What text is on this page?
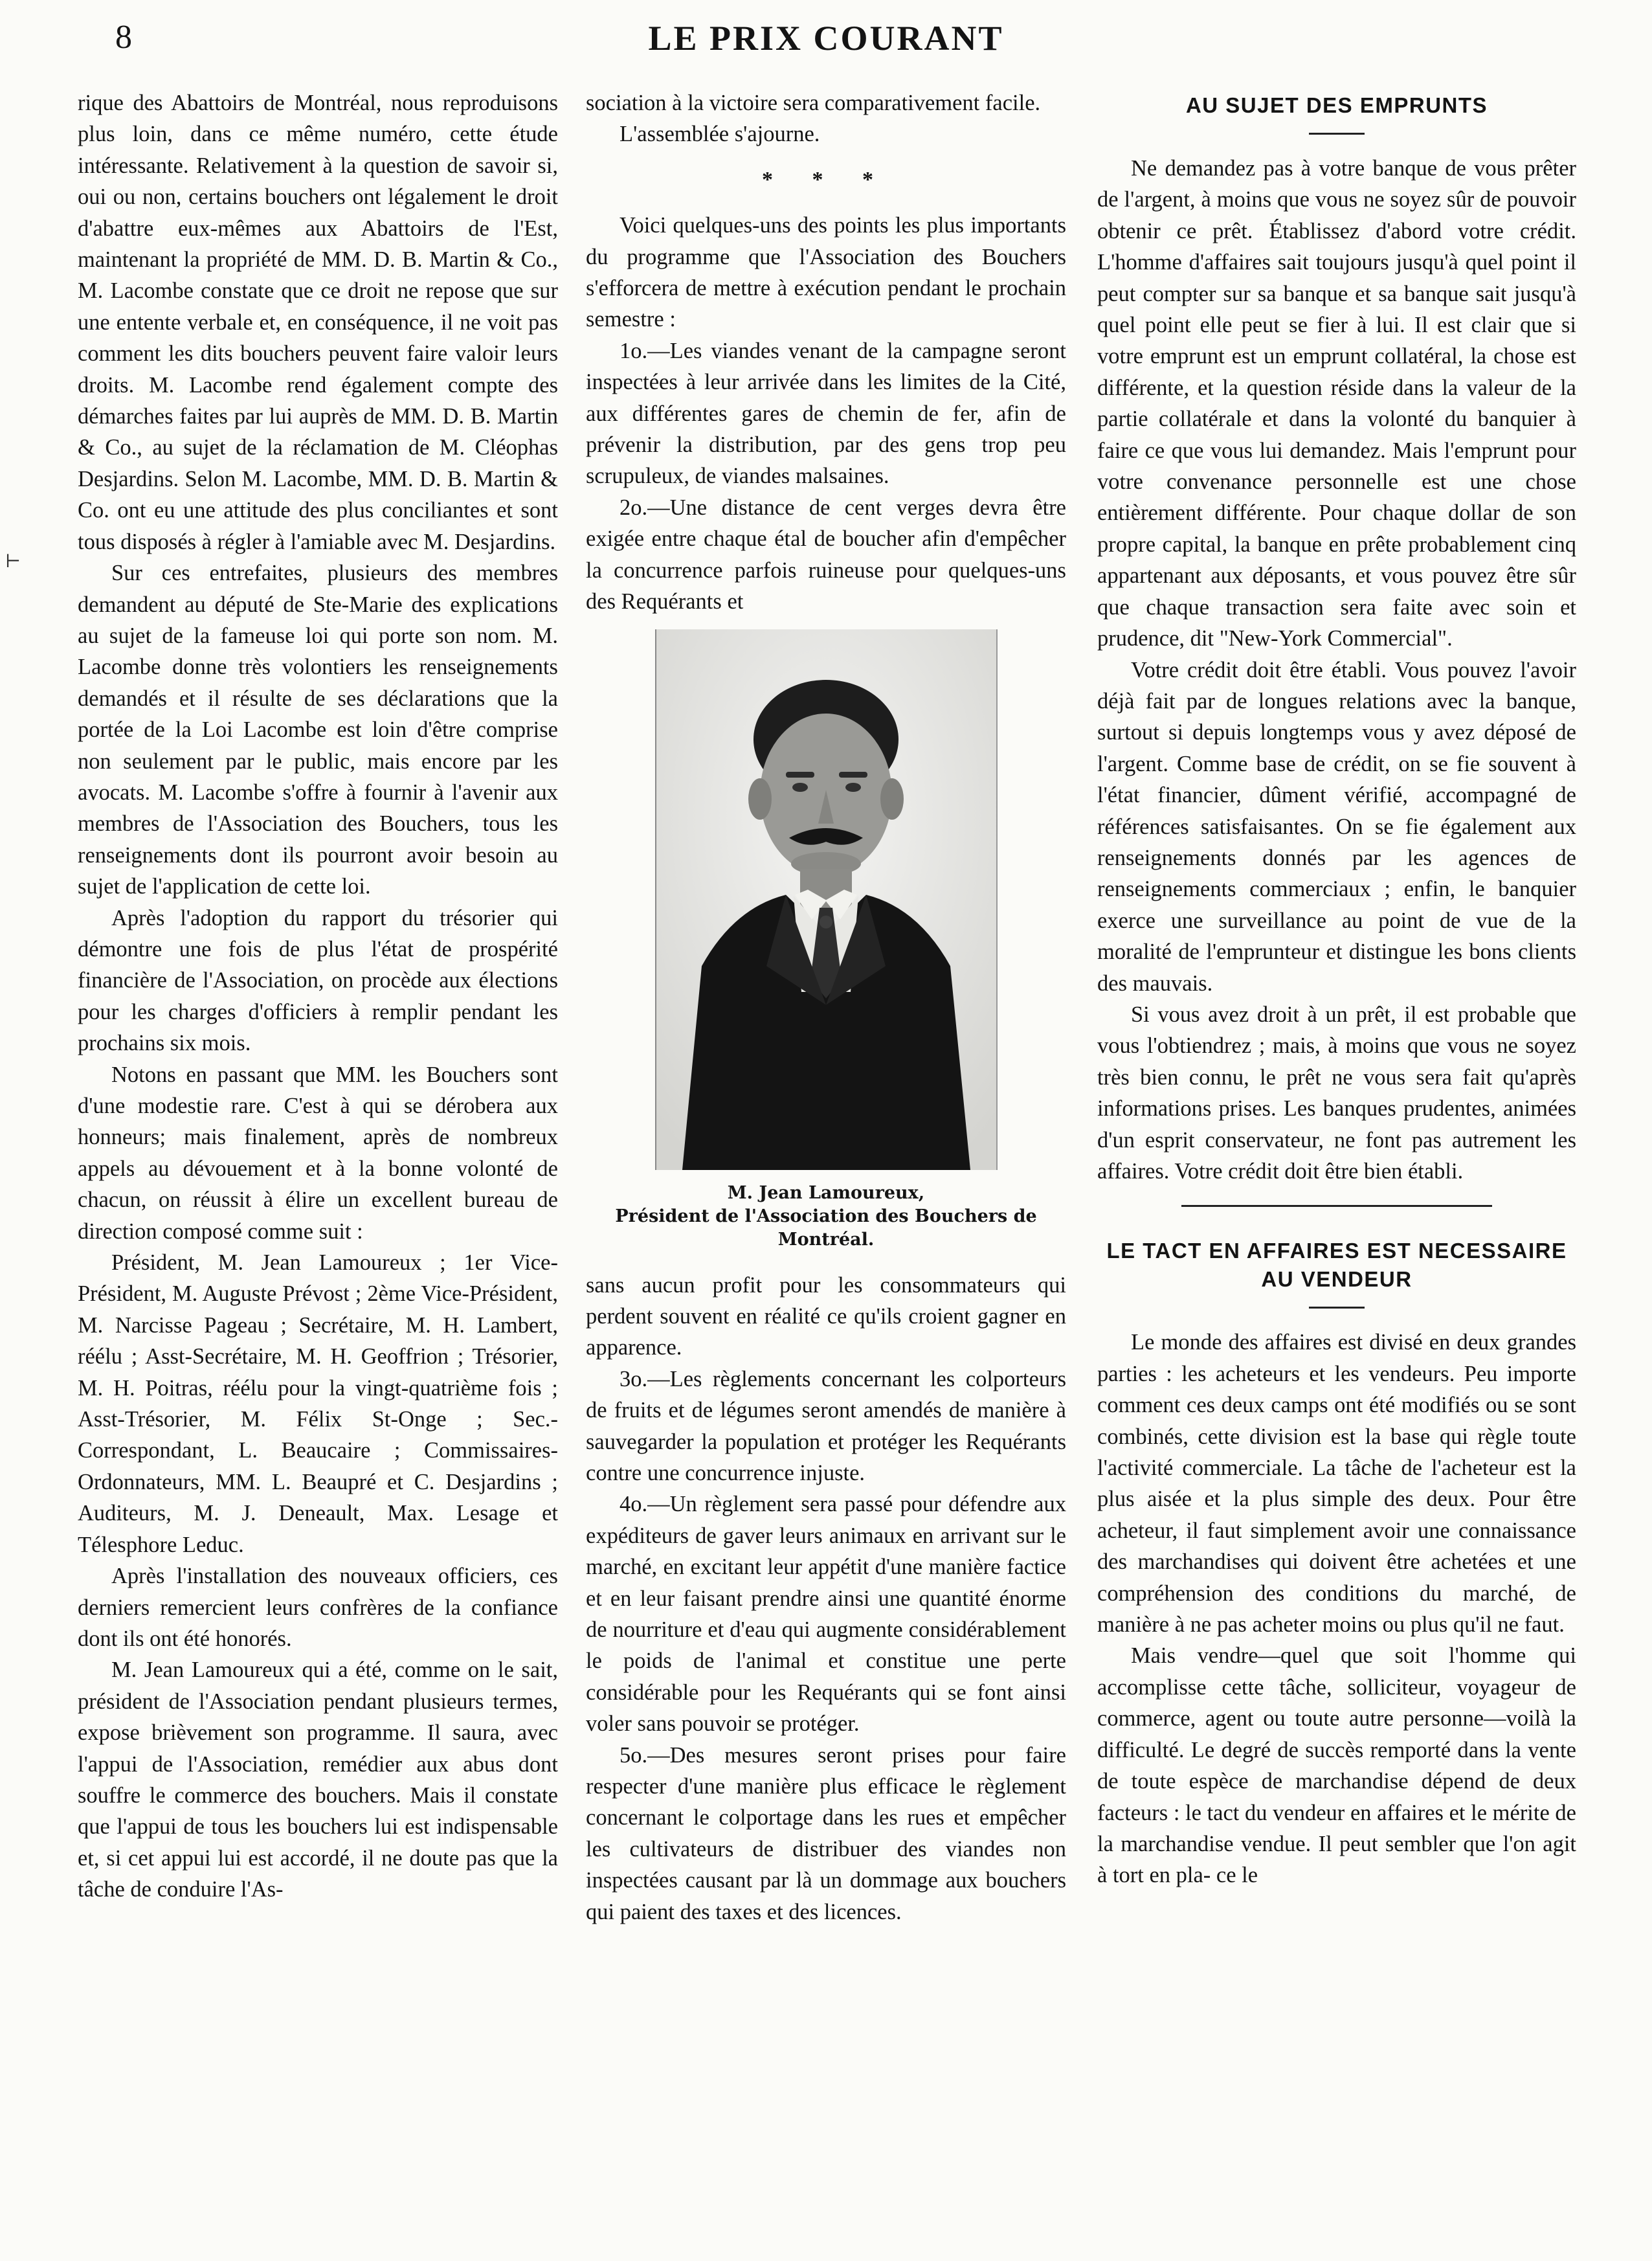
8	LE PRIX COURANT
⊢

rique des Abattoirs de Montréal, nous reproduisons plus loin, dans ce même numéro, cette étude intéressante. Relativement à la question de savoir si, oui ou non, certains bouchers ont légalement le droit d'abattre eux-mêmes aux Abattoirs de l'Est, maintenant la propriété de MM. D. B. Martin & Co., M. Lacombe constate que ce droit ne repose que sur une entente verbale et, en conséquence, il ne voit pas comment les dits bouchers peuvent faire valoir leurs droits. M. Lacombe rend également compte des démarches faites par lui auprès de MM. D. B. Martin & Co., au sujet de la réclamation de M. Cléophas Desjardins. Selon M. Lacombe, MM. D. B. Martin & Co. ont eu une attitude des plus conciliantes et sont tous disposés à régler à l'amiable avec M. Desjardins.

Sur ces entrefaites, plusieurs des membres demandent au député de Ste-Marie des explications au sujet de la fameuse loi qui porte son nom. M. Lacombe donne très volontiers les renseignements demandés et il résulte de ses déclarations que la portée de la Loi Lacombe est loin d'être comprise non seulement par le public, mais encore par les avocats. M. Lacombe s'offre à fournir à l'avenir aux membres de l'Association des Bouchers, tous les renseignements dont ils pourront avoir besoin au sujet de l'application de cette loi.

Après l'adoption du rapport du trésorier qui démontre une fois de plus l'état de prospérité financière de l'Association, on procède aux élections pour les charges d'officiers à remplir pendant les prochains six mois.

Notons en passant que MM. les Bouchers sont d'une modestie rare. C'est à qui se dérobera aux honneurs; mais finalement, après de nombreux appels au dévouement et à la bonne volonté de chacun, on réussit à élire un excellent bureau de direction composé comme suit :

Président, M. Jean Lamoureux ; 1er Vice-Président, M. Auguste Prévost ; 2ème Vice-Président, M. Narcisse Pageau ; Secrétaire, M. H. Lambert, réélu ; Asst-Secrétaire, M. H. Geoffrion ; Trésorier, M. H. Poitras, réélu pour la vingt-quatrième fois ; Asst-Trésorier, M. Félix St-Onge ; Sec.-Correspondant, L. Beaucaire ; Commissaires-Ordonnateurs, MM. L. Beaupré et C. Desjardins ; Auditeurs, M. J. Deneault, Max. Lesage et Télesphore Leduc.

Après l'installation des nouveaux officiers, ces derniers remercient leurs confrères de la confiance dont ils ont été honorés.

M. Jean Lamoureux qui a été, comme on le sait, président de l'Association pendant plusieurs termes, expose brièvement son programme. Il saura, avec l'appui de l'Association, remédier aux abus dont souffre le commerce des bouchers. Mais il constate que l'appui de tous les bouchers lui est indispensable et, si cet appui lui est accordé, il ne doute pas que la tâche de conduire l'As-

sociation à la victoire sera comparativement facile.

L'assemblée s'ajourne.

* * *

Voici quelques-uns des points les plus importants du programme que l'Association des Bouchers s'efforcera de mettre à exécution pendant le prochain semestre :

1o.—Les viandes venant de la campagne seront inspectées à leur arrivée dans les limites de la Cité, aux différentes gares de chemin de fer, afin de prévenir la distribution, par des gens trop peu scrupuleux, de viandes malsaines.

2o.—Une distance de cent verges devra être exigée entre chaque étal de boucher afin d'empêcher la concurrence parfois ruineuse pour quelques-uns des Requérants et

M. Jean Lamoureux,
Président de l'Association des Bouchers de Montréal.

sans aucun profit pour les consommateurs qui perdent souvent en réalité ce qu'ils croient gagner en apparence.

3o.—Les règlements concernant les colporteurs de fruits et de légumes seront amendés de manière à sauvegarder la population et protéger les Requérants contre une concurrence injuste.

4o.—Un règlement sera passé pour défendre aux expéditeurs de gaver leurs animaux en arrivant sur le marché, en excitant leur appétit d'une manière factice et en leur faisant prendre ainsi une quantité énorme de nourriture et d'eau qui augmente considérablement le poids de l'animal et constitue une perte considérable pour les Requérants qui se font ainsi voler sans pouvoir se protéger.

5o.—Des mesures seront prises pour faire respecter d'une manière plus efficace le règlement concernant le colportage dans les rues et empêcher les cultivateurs de distribuer des viandes non inspectées causant par là un dommage aux bouchers qui paient des taxes et des licences.

AU SUJET DES EMPRUNTS

Ne demandez pas à votre banque de vous prêter de l'argent, à moins que vous ne soyez sûr de pouvoir obtenir ce prêt. Établissez d'abord votre crédit. L'homme d'affaires sait toujours jusqu'à quel point il peut compter sur sa banque et sa banque sait jusqu'à quel point elle peut se fier à lui. Il est clair que si votre emprunt est un emprunt collatéral, la chose est différente, et la question réside dans la valeur de la partie collatérale et dans la volonté du banquier à faire ce que vous lui demandez. Mais l'emprunt pour votre convenance personnelle est une chose entièrement différente. Pour chaque dollar de son propre capital, la banque en prête probablement cinq appartenant aux déposants, et vous pouvez être sûr que chaque transaction sera faite avec soin et prudence, dit "New-York Commercial".

Votre crédit doit être établi. Vous pouvez l'avoir déjà fait par de longues relations avec la banque, surtout si depuis longtemps vous y avez déposé de l'argent. Comme base de crédit, on se fie souvent à l'état financier, dûment vérifié, accompagné de références satisfaisantes. On se fie également aux renseignements donnés par les agences de renseignements commerciaux ; enfin, le banquier exerce une surveillance au point de vue de la moralité de l'emprunteur et distingue les bons clients des mauvais.

Si vous avez droit à un prêt, il est probable que vous l'obtiendrez ; mais, à moins que vous ne soyez très bien connu, le prêt ne vous sera fait qu'après informations prises. Les banques prudentes, animées d'un esprit conservateur, ne font pas autrement les affaires. Votre crédit doit être bien établi.

LE TACT EN AFFAIRES EST NECESSAIRE AU VENDEUR

Le monde des affaires est divisé en deux grandes parties : les acheteurs et les vendeurs. Peu importe comment ces deux camps ont été modifiés ou se sont combinés, cette division est la base qui règle toute l'activité commerciale. La tâche de l'acheteur est la plus aisée et la plus simple des deux. Pour être acheteur, il faut simplement avoir une connaissance des marchandises qui doivent être achetées et une compréhension des conditions du marché, de manière à ne pas acheter moins ou plus qu'il ne faut.

Mais vendre—quel que soit l'homme qui accomplisse cette tâche, solliciteur, voyageur de commerce, agent ou toute autre personne—voilà la difficulté. Le degré de succès remporté dans la vente de toute espèce de marchandise dépend de deux facteurs : le tact du vendeur en affaires et le mérite de la marchandise vendue. Il peut sembler que l'on agit à tort en pla- ce le
